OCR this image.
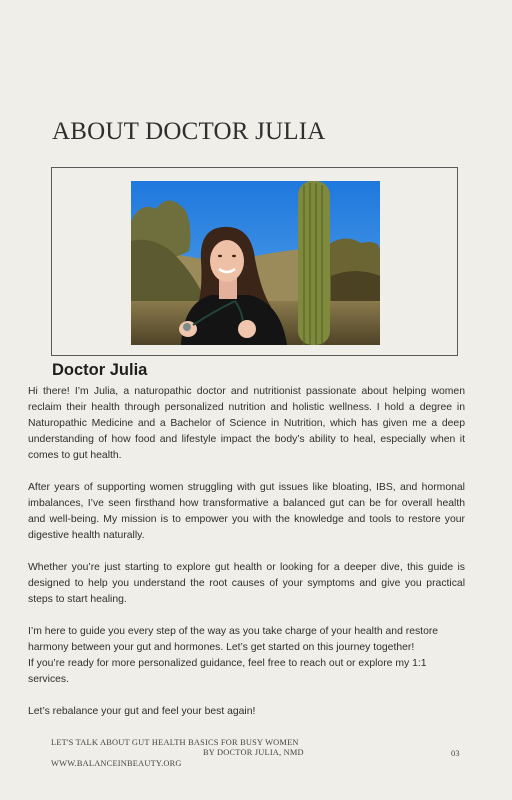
ABOUT DOCTOR JULIA
Doctor Julia

Hi there! I’m Julia, a naturopathic doctor and nutritionist passionate about helping women reclaim their health through personalized nutrition and holistic wellness. I hold a degree in Naturopathic Medicine and a Bachelor of Science in Nutrition, which has given me a deep understanding of how food and lifestyle impact the body’s ability to heal, especially when it comes to gut health.

After years of supporting women struggling with gut issues like bloating, IBS, and hormonal imbalances, I’ve seen firsthand how transformative a balanced gut can be for overall health and well-being. My mission is to empower you with the knowledge and tools to restore your digestive health naturally.

Whether you’re just starting to explore gut health or looking for a deeper dive, this guide is designed to help you understand the root causes of your symptoms and give you practical steps to start healing.

I’m here to guide you every step of the way as you take charge of your health and restore harmony between your gut and hormones. Let’s get started on this journey together!

If you’re ready for more personalized guidance, feel free to reach out or explore my 1:1 services.

Let’s rebalance your gut and feel your best again!

LET'S TALK ABOUT GUT HEALTH BASICS FOR BUSY WOMEN
BY DOCTOR JULIA, NMD	03
WWW.BALANCEINBEAUTY.ORG
